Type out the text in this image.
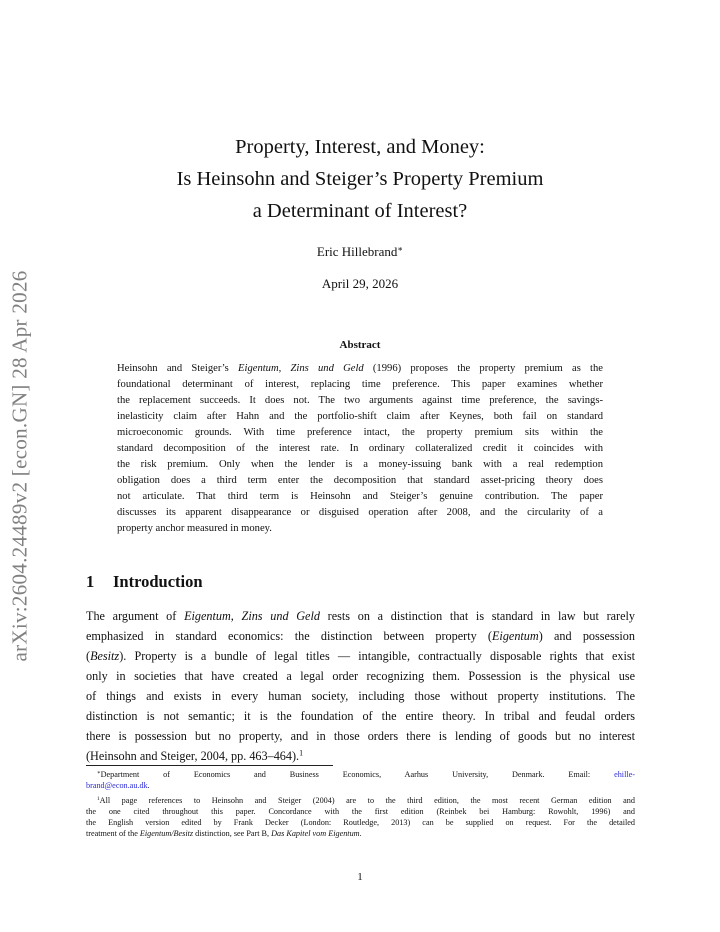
arXiv:2604.24489v2 [econ.GN] 28 Apr 2026
Property, Interest, and Money:
Is Heinsohn and Steiger’s Property Premium
a Determinant of Interest?
Eric Hillebrand∗
April 29, 2026
Abstract
Heinsohn and Steiger’s Eigentum, Zins und Geld (1996) proposes the property premium as the
foundational determinant of interest, replacing time preference. This paper examines whether
the replacement succeeds. It does not. The two arguments against time preference, the savings-
inelasticity claim after Hahn and the portfolio-shift claim after Keynes, both fail on standard
microeconomic grounds. With time preference intact, the property premium sits within the
standard decomposition of the interest rate. In ordinary collateralized credit it coincides with
the risk premium. Only when the lender is a money-issuing bank with a real redemption
obligation does a third term enter the decomposition that standard asset-pricing theory does
not articulate. That third term is Heinsohn and Steiger’s genuine contribution. The paper
discusses its apparent disappearance or disguised operation after 2008, and the circularity of a
property anchor measured in money.
1 Introduction
The argument of Eigentum, Zins und Geld rests on a distinction that is standard in law but rarely
emphasized in standard economics: the distinction between property (Eigentum) and possession
(Besitz). Property is a bundle of legal titles — intangible, contractually disposable rights that exist
only in societies that have created a legal order recognizing them. Possession is the physical use
of things and exists in every human society, including those without property institutions. The
distinction is not semantic; it is the foundation of the entire theory. In tribal and feudal orders
there is possession but no property, and in those orders there is lending of goods but no interest
(Heinsohn and Steiger, 2004, pp. 463–464).$^1$
∗Department of Economics and Business Economics, Aarhus University, Denmark. Email: ehille-
brand@econ.au.dk.
$^1$All page references to Heinsohn and Steiger (2004) are to the third edition, the most recent German edition and
the one cited throughout this paper. Concordance with the first edition (Reinbek bei Hamburg: Rowohlt, 1996) and
the English version edited by Frank Decker (London: Routledge, 2013) can be supplied on request. For the detailed
treatment of the Eigentum/Besitz distinction, see Part B, Das Kapitel vom Eigentum.
1
